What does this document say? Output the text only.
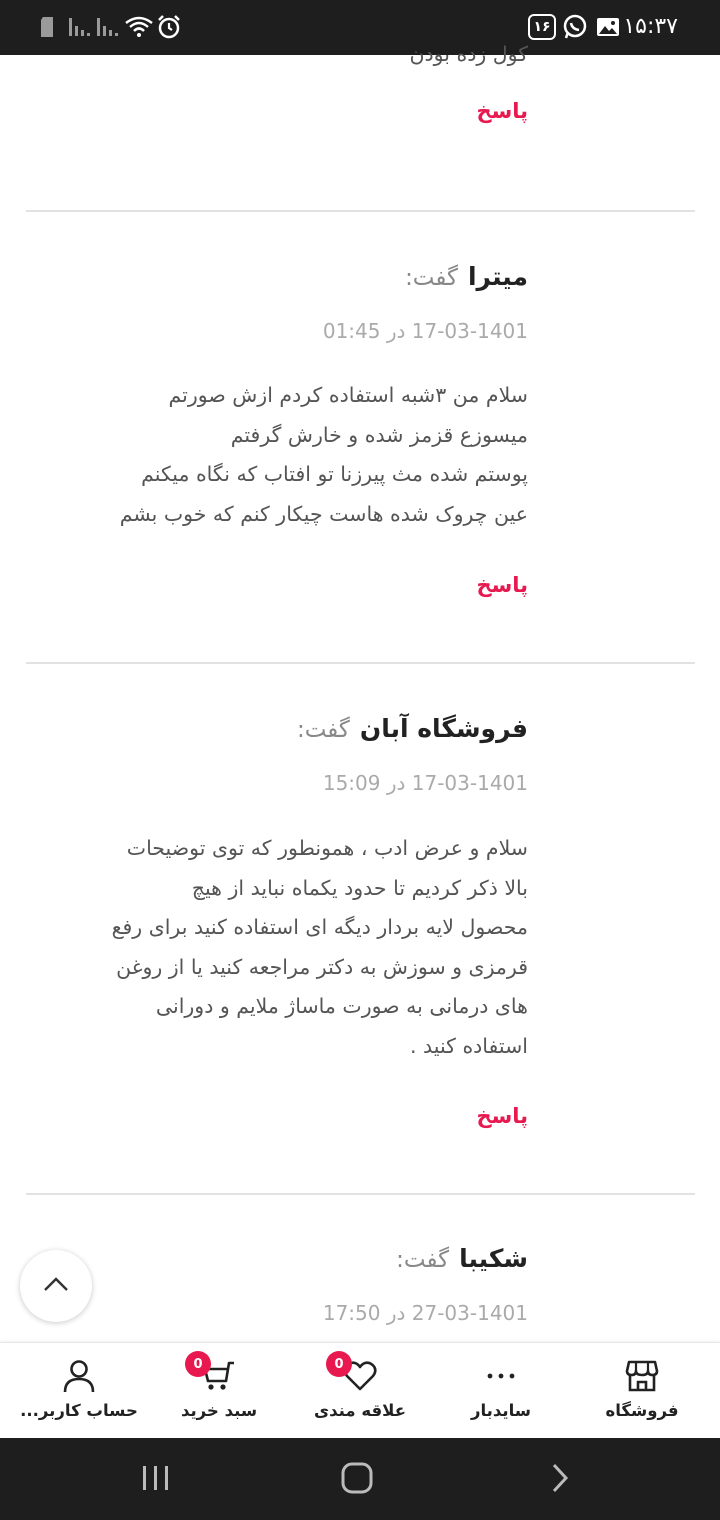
۱۶	۱۵:۳۷
کول زده بودن
پاسخ
میترا
گفت:
17-03-1401 در 01:45
سلام من ۳شبه استفاده کردم ازش صورتم
میسوزع قزمز شده و خارش گرفتم
پوستم شده مث پیرزنا تو افتاب که نگاه میکنم
عین چروک شده هاست چیکار کنم که خوب بشم
پاسخ
فروشگاه آبان
گفت:
17-03-1401 در 15:09
سلام و عرض ادب ، همونطور که توی توضیحات
بالا ذکر کردیم تا حدود یکماه نباید از هیچ
محصول لایه بردار دیگه ای استفاده کنید برای رفع
قرمزی و سوزش به دکتر مراجعه کنید یا از روغن
های درمانی به صورت ماساژ ملایم و دورانی
استفاده کنید .
پاسخ
شکیبا
گفت:
27-03-1401 در 17:50
فروشگاه
سایدبار
0
علاقه مندی
0
سبد خرید
حساب کاربر...
